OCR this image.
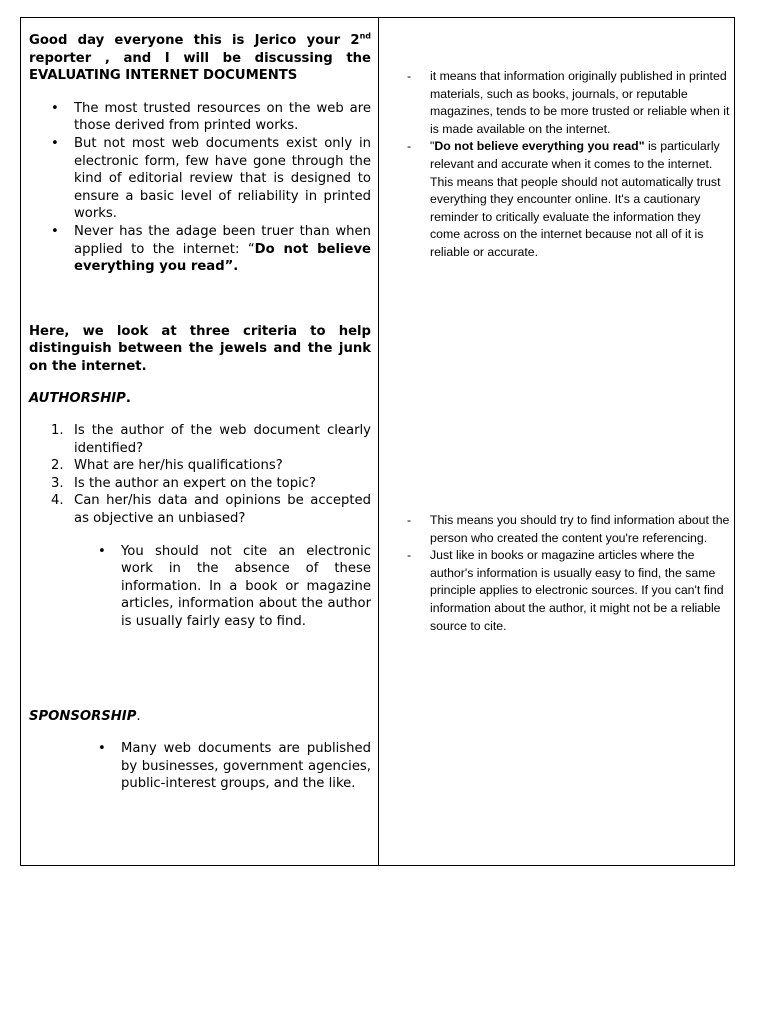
Good day everyone this is Jerico your 2nd reporter , and I will be discussing the EVALUATING INTERNET DOCUMENTS

• The most trusted resources on the web are those derived from printed works.
• But not most web documents exist only in electronic form, few have gone through the kind of editorial review that is designed to ensure a basic level of reliability in printed works.
• Never has the adage been truer than when applied to the internet: “Do not believe everything you read”.

Here, we look at three criteria to help distinguish between the jewels and the junk on the internet.

AUTHORSHIP.

1. Is the author of the web document clearly identified?
2. What are her/his qualifications?
3. Is the author an expert on the topic?
4. Can her/his data and opinions be accepted as objective an unbiased?
• You should not cite an electronic work in the absence of these information. In a book or magazine articles, information about the author is usually fairly easy to find.

SPONSORSHIP.

• Many web documents are published by businesses, government agencies, public-interest groups, and the like.
- it means that information originally published in printed materials, such as books, journals, or reputable magazines, tends to be more trusted or reliable when it is made available on the internet.
- "Do not believe everything you read" is particularly relevant and accurate when it comes to the internet. This means that people should not automatically trust everything they encounter online. It's a cautionary reminder to critically evaluate the information they come across on the internet because not all of it is reliable or accurate.
- This means you should try to find information about the person who created the content you're referencing.
- Just like in books or magazine articles where the author's information is usually easy to find, the same principle applies to electronic sources. If you can't find information about the author, it might not be a reliable source to cite.
